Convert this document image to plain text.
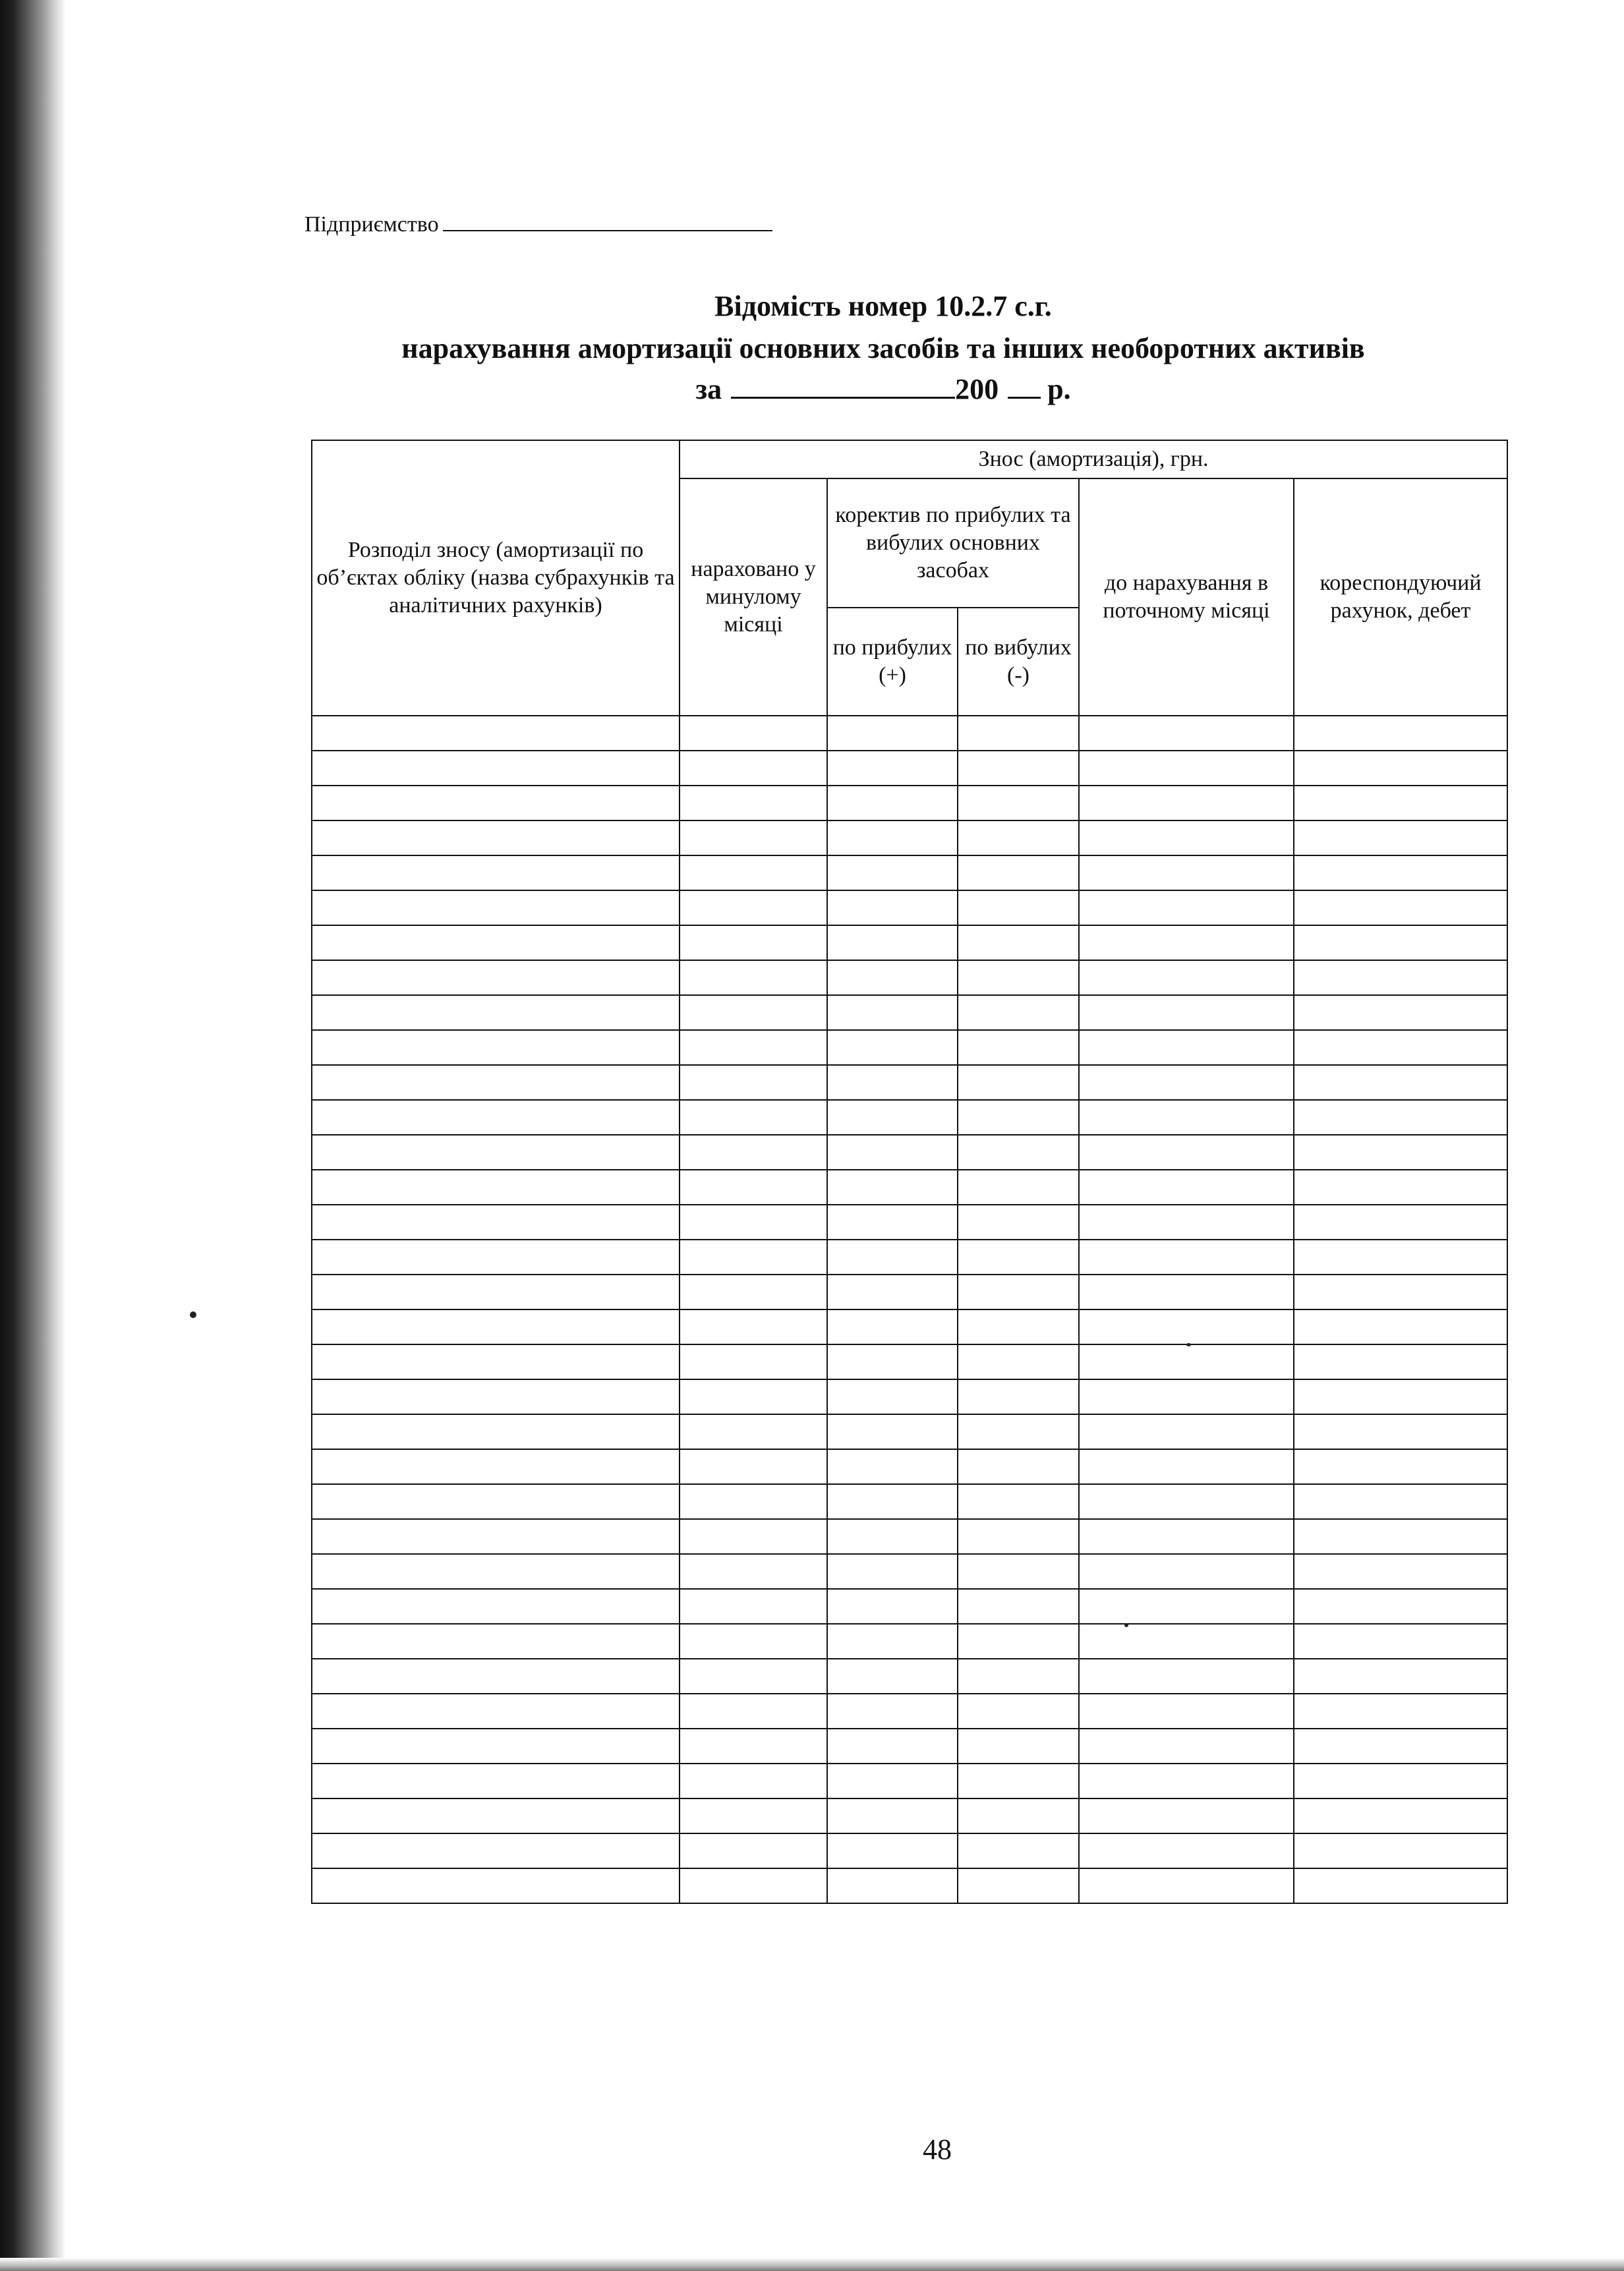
Підприємство
Відомість номер 10.2.7 с.г.
нарахування амортизації основних засобів та інших необоротних активів
за	200 р.
Розподіл зносу (амортизації по об’єктах обліку (назва субрахунків та аналітичних рахунків)	Знос (амортизація), грн.				
	нараховано у минулому місяці	коректив по прибулих та вибулих основних засобах		до нарахування в поточному місяці	кореспондуючий рахунок, дебет
		по прибулих (+)	по вибулих (-)		

48
